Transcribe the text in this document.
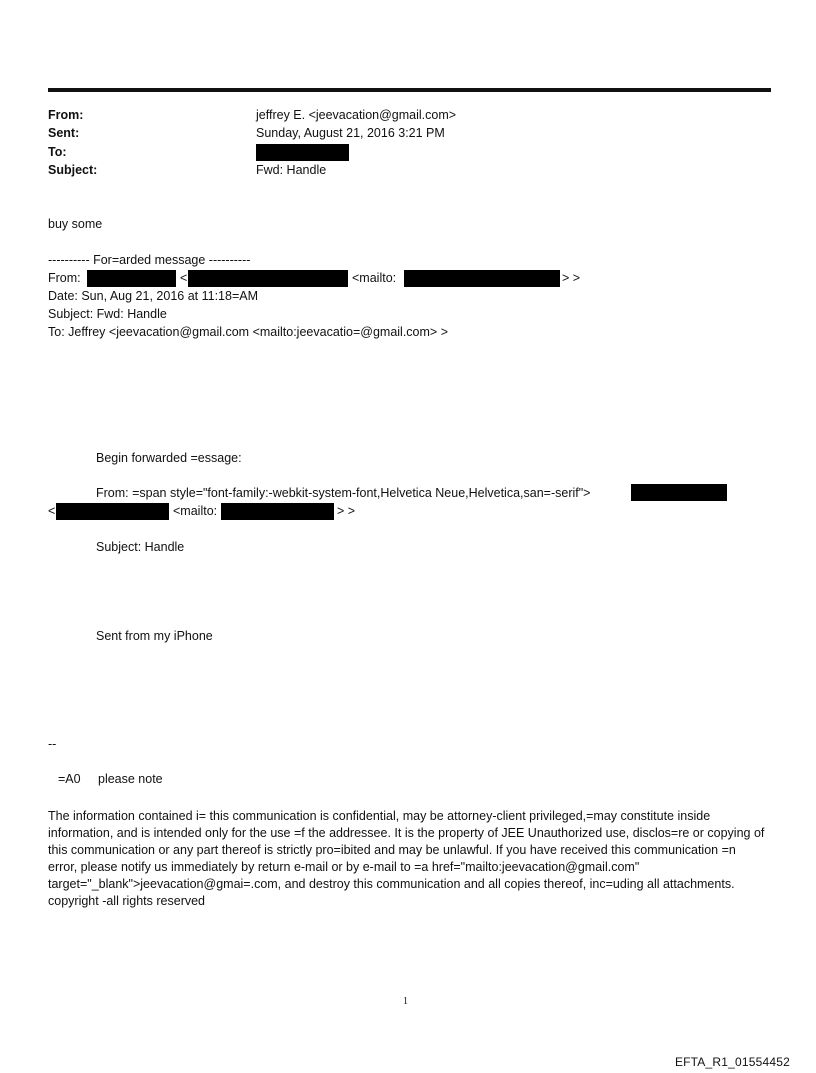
From:	jeffrey E. <jeevacation@gmail.com>
Sent:	Sunday, August 21, 2016 3:21 PM
To:
Subject:	Fwd: Handle
buy some
---------- For=arded message ----------
From:	<	<mailto:	> >
Date: Sun, Aug 21, 2016 at 11:18=AM
Subject: Fwd: Handle
To: Jeffrey <jeevacation@gmail.com <mailto:jeevacatio=@gmail.com> >
Begin forwarded =essage:
From: =span style="font-family:-webkit-system-font,Helvetica Neue,Helvetica,san=-serif">
<	<mailto:	> >
Subject: Handle
Sent from my iPhone
--
=A0 please note
The information contained i= this communication is confidential, may be attorney-client privileged,=may constitute inside information, and is intended only for the use =f the addressee. It is the property of JEE Unauthorized use, disclos=re or copying of this communication or any part thereof is strictly pro=ibited and may be unlawful. If you have received this communication =n error, please notify us immediately by return e-mail or by e-mail to =a href="mailto:jeevacation@gmail.com" target="_blank">jeevacation@gmai=.com, and destroy this communication and all copies thereof, inc=uding all attachments. copyright -all rights reserved
1
EFTA_R1_01554452
